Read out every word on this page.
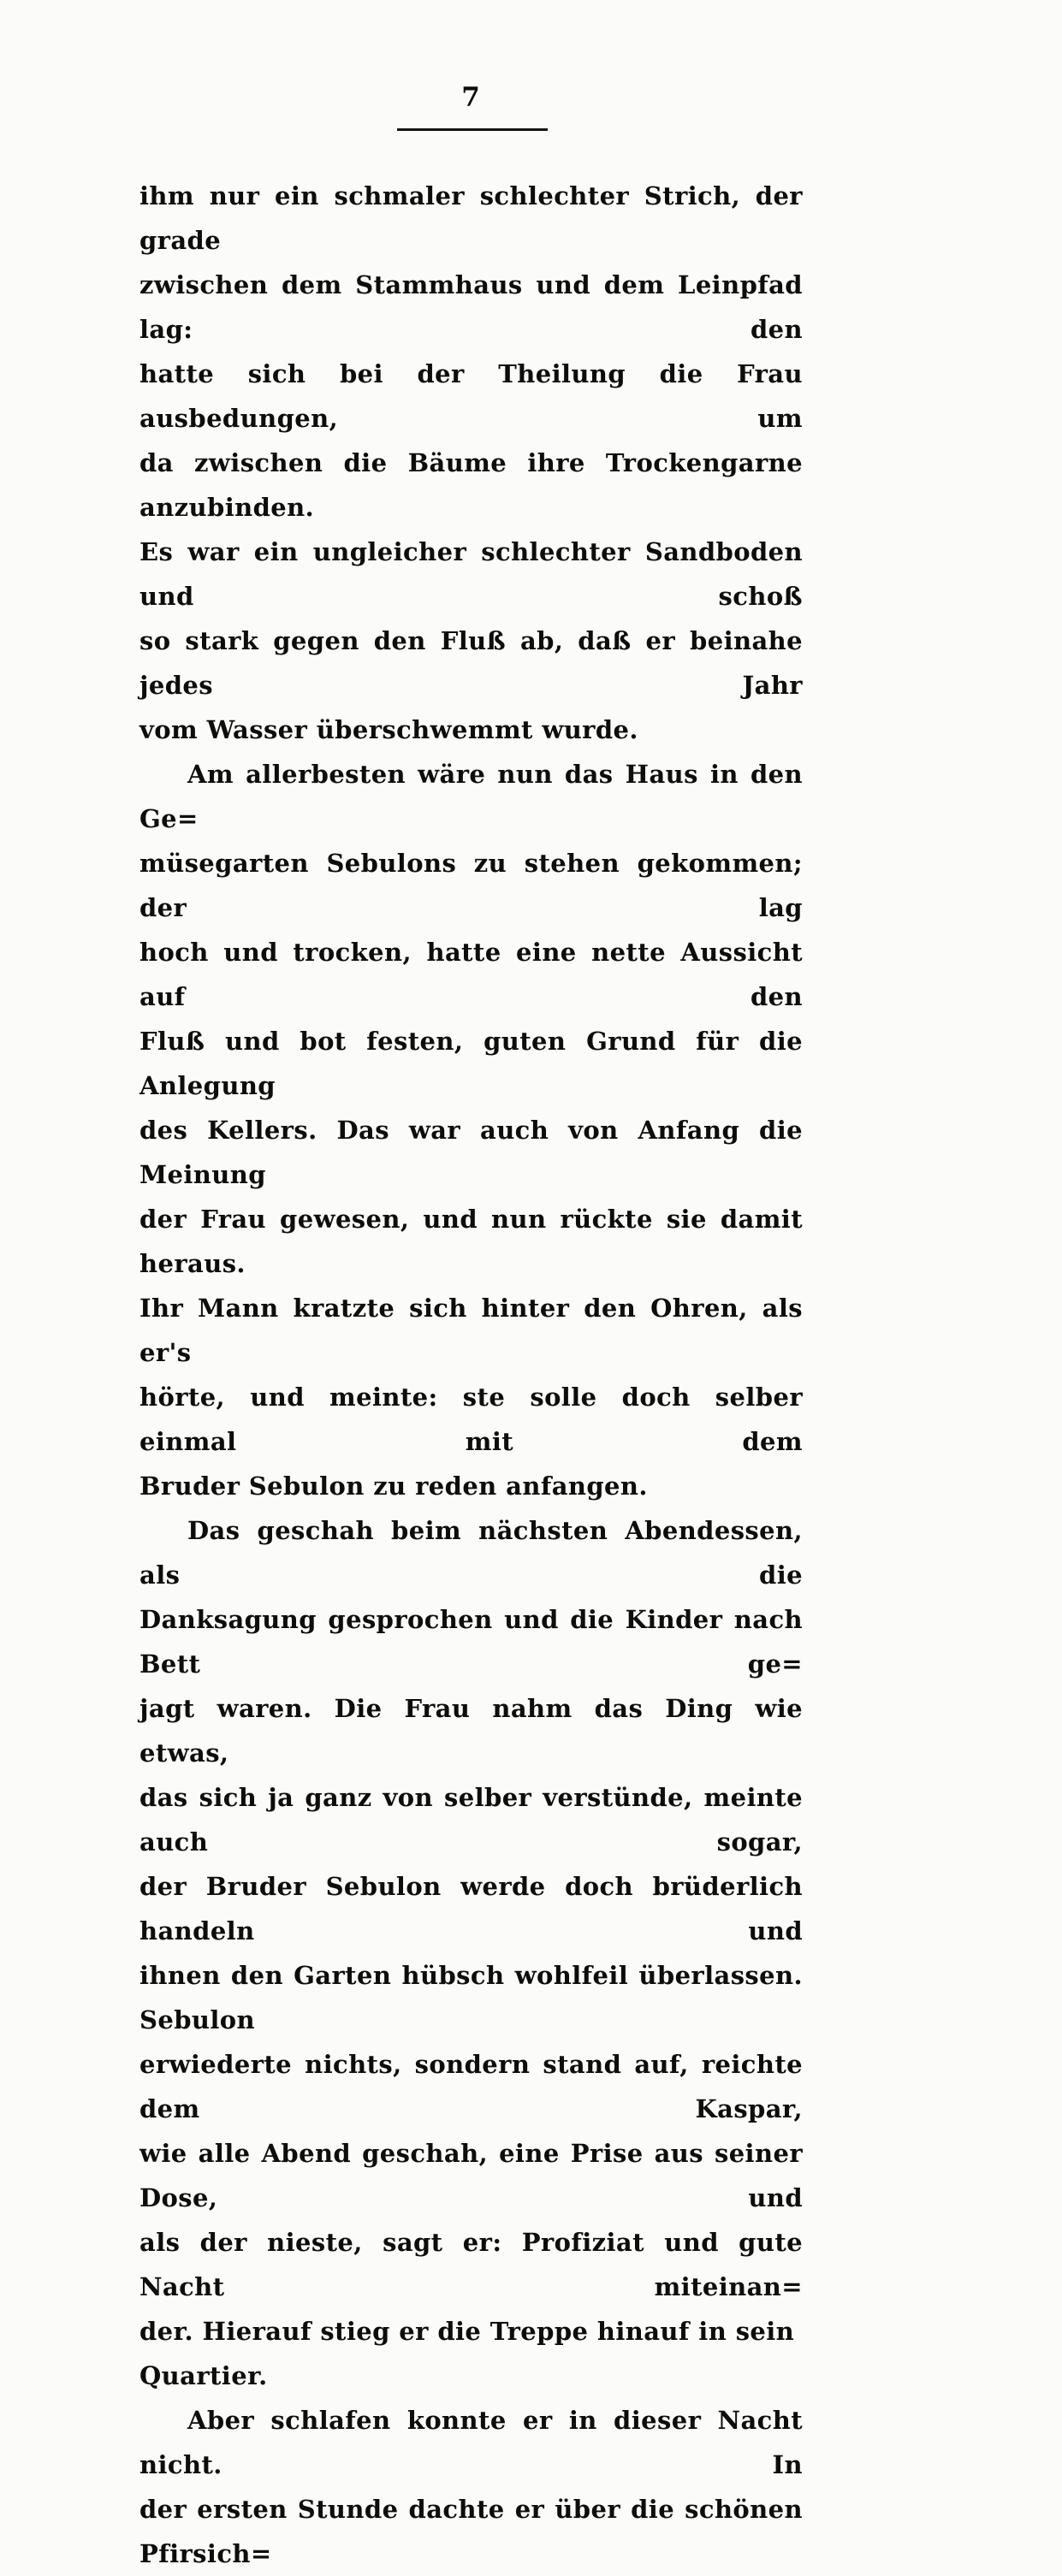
7
ihm nur ein schmaler schlechter Strich, der grade
zwischen dem Stammhaus und dem Leinpfad lag: den
hatte sich bei der Theilung die Frau ausbedungen, um
da zwischen die Bäume ihre Trockengarne anzubinden.
Es war ein ungleicher schlechter Sandboden und schoß
so stark gegen den Fluß ab, daß er beinahe jedes Jahr
vom Wasser überschwemmt wurde.
Am allerbesten wäre nun das Haus in den Ge=
müsegarten Sebulons zu stehen gekommen; der lag
hoch und trocken, hatte eine nette Aussicht auf den
Fluß und bot festen, guten Grund für die Anlegung
des Kellers. Das war auch von Anfang die Meinung
der Frau gewesen, und nun rückte sie damit heraus.
Ihr Mann kratzte sich hinter den Ohren, als er's
hörte, und meinte: ste solle doch selber einmal mit dem
Bruder Sebulon zu reden anfangen.
Das geschah beim nächsten Abendessen, als die
Danksagung gesprochen und die Kinder nach Bett ge=
jagt waren. Die Frau nahm das Ding wie etwas,
das sich ja ganz von selber verstünde, meinte auch sogar,
der Bruder Sebulon werde doch brüderlich handeln und
ihnen den Garten hübsch wohlfeil überlassen. Sebulon
erwiederte nichts, sondern stand auf, reichte dem Kaspar,
wie alle Abend geschah, eine Prise aus seiner Dose, und
als der nieste, sagt er: Profiziat und gute Nacht miteinan=
der. Hierauf stieg er die Treppe hinauf in sein Quartier.
Aber schlafen konnte er in dieser Nacht nicht. In
der ersten Stunde dachte er über die schönen Pfirsich=
